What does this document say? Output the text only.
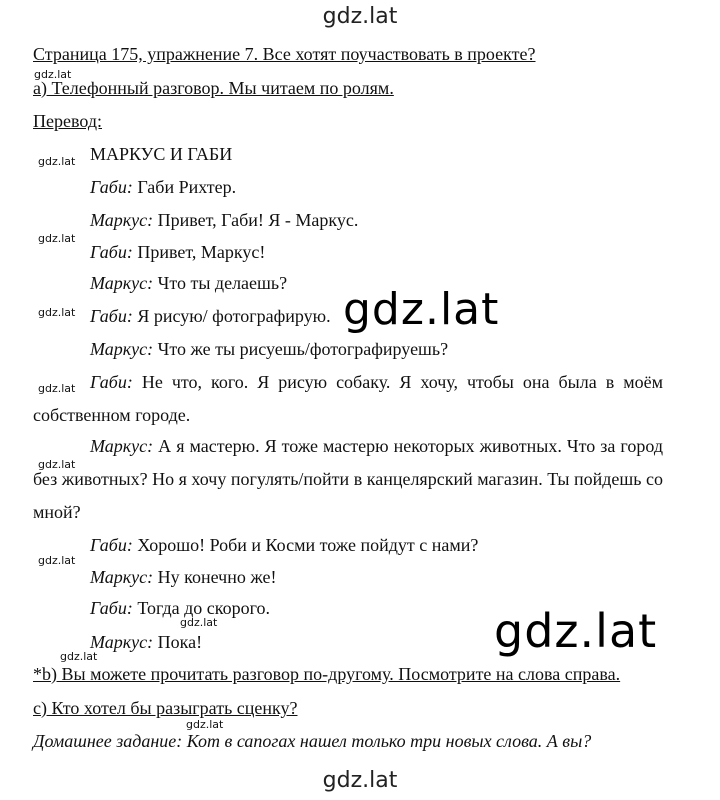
gdz.lat
gdz.lat
gdz.lat
gdz.lat
gdz.lat
gdz.lat
gdz.lat
gdz.lat
gdz.lat
gdz.lat
gdz.lat
gdz.lat
gdz.lat
gdz.lat
Страница 175, упражнение 7. Все хотят поучаствовать в проекте?
a) Телефонный разговор. Мы читаем по ролям.
Перевод:
МАРКУС И ГАБИ
Габи: Габи Рихтер.
Маркус: Привет, Габи! Я - Маркус.
Габи: Привет, Маркус!
Маркус: Что ты делаешь?
Габи: Я рисую/ фотографирую.
Маркус: Что же ты рисуешь/фотографируешь?
Габи: Не что, кого. Я рисую собаку. Я хочу, чтобы она была в моём собственном городе.
Маркус: А я мастерю. Я тоже мастерю некоторых животных. Что за город без животных? Но я хочу погулять/пойти в канцелярский магазин. Ты пойдешь со мной?
Габи: Хорошо! Роби и Косми тоже пойдут с нами?
Маркус: Ну конечно же!
Габи: Тогда до скорого.
Маркус: Пока!
*b) Вы можете прочитать разговор по-другому. Посмотрите на слова справа.
c) Кто хотел бы разыграть сценку?
Домашнее задание: Кот в сапогах нашел только три новых слова. А вы?
